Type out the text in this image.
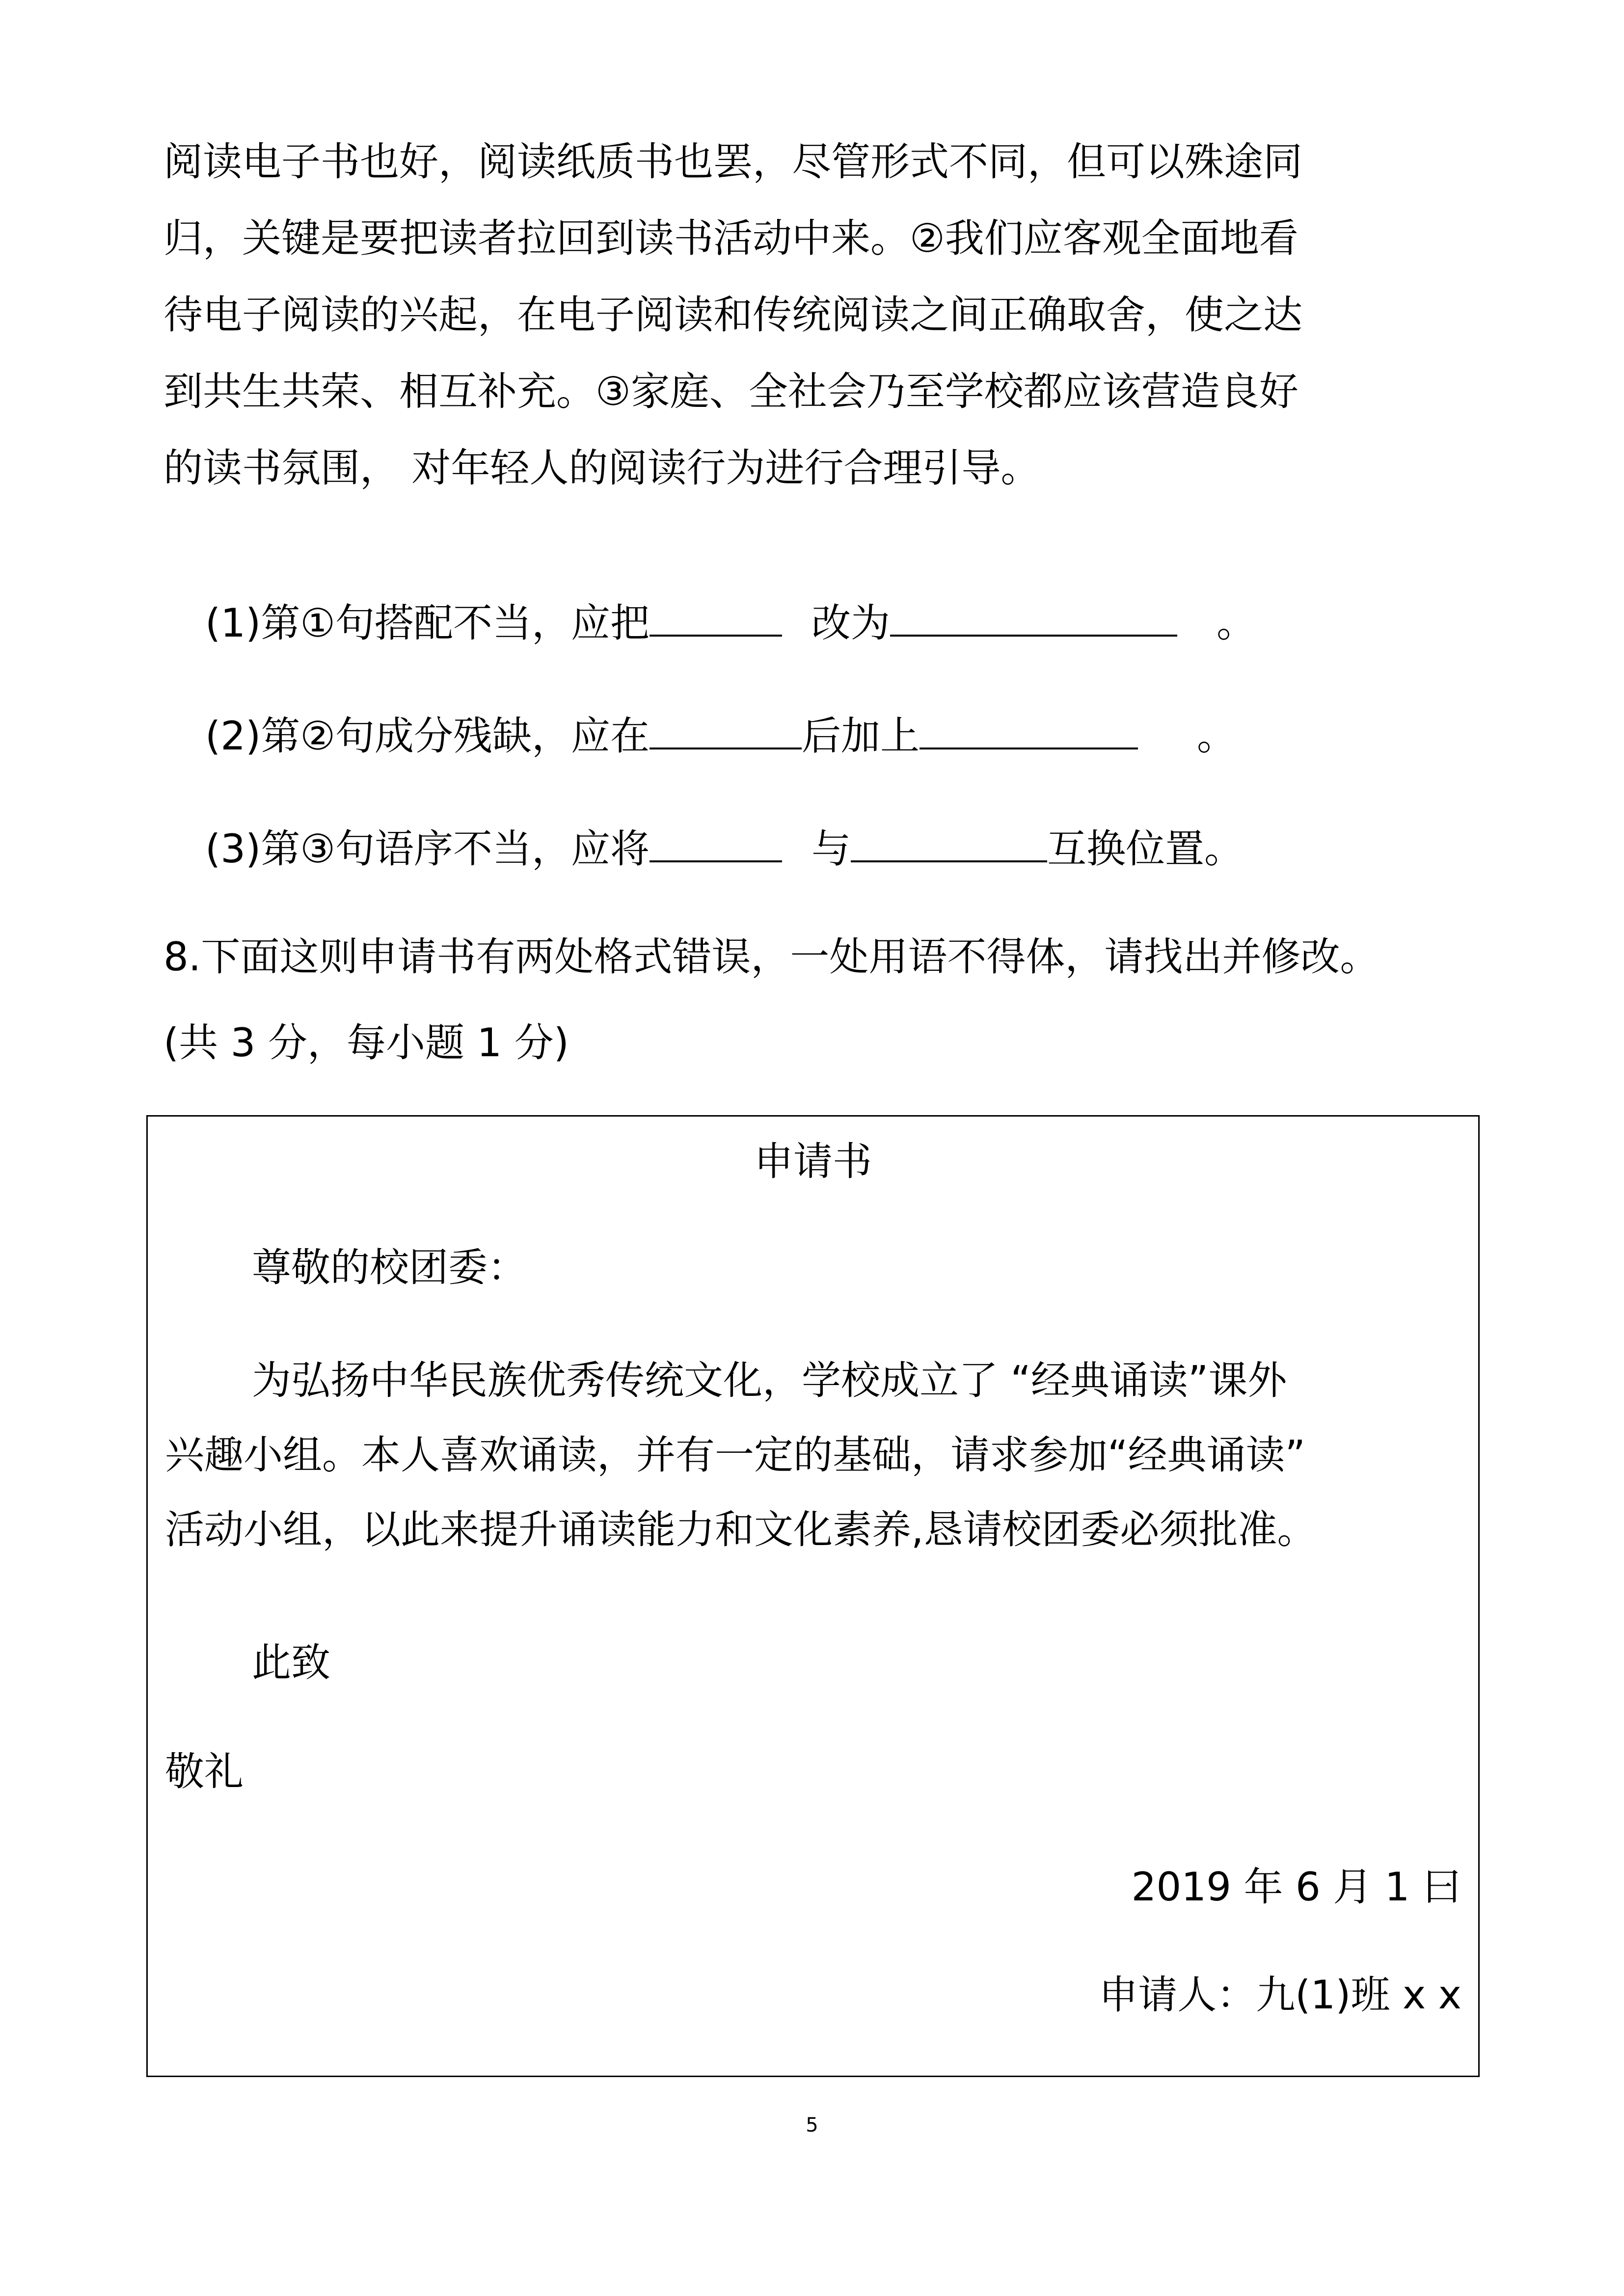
阅读电子书也好，阅读纸质书也罢，尽管形式不同，但可以殊途同

归，关键是要把读者拉回到读书活动中来。②我们应客观全面地看

待电子阅读的兴起，在电子阅读和传统阅读之间正确取舍，使之达

到共生共荣、相互补充。③家庭、全社会乃至学校都应该营造良好

的读书氛围， 对年轻人的阅读行为进行合理引导。

(1)第①句搭配不当，应把	改为	。
(2)第②句成分残缺，应在	后加上	。
(3)第③句语序不当，应将	与	互换位置。

8.下面这则申请书有两处格式错误，一处用语不得体，请找出并修改。

(共 3 分，每小题 1 分)

申请书
尊敬的校团委：
为弘扬中华民族优秀传统文化，学校成立了 “经典诵读”课外
兴趣小组。本人喜欢诵读，并有一定的基础，请求参加“经典诵读”
活动小组，以此来提升诵读能力和文化素养,恳请校团委必须批准。
此致
敬礼
2019 年 6 月 1 曰
申请人：九(1)班 x x
5
